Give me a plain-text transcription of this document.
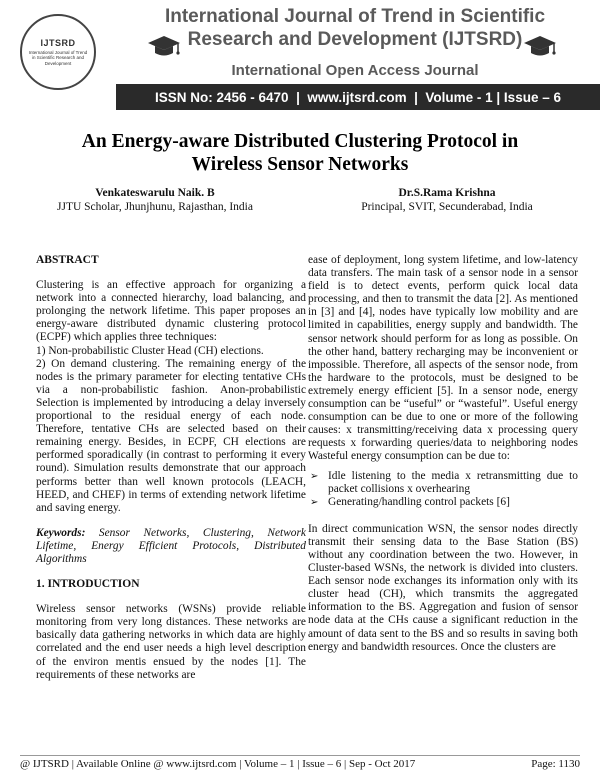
IJTSRD
International Journal of Trend in Scientific Research and Development
International Journal of Trend in Scientific
Research and Development (IJTSRD)
International Open Access Journal
ISSN No: 2456 - 6470  |  www.ijtsrd.com  |  Volume - 1 | Issue – 6
An Energy-aware Distributed Clustering Protocol in
Wireless Sensor Networks
Venkateswarulu Naik. B
JJTU Scholar, Jhunjhunu, Rajasthan, India
Dr.S.Rama Krishna
Principal, SVIT, Secunderabad, India

ABSTRACT

Clustering is an effective approach for organizing a network into a connected hierarchy, load balancing, and prolonging the network lifetime. This paper proposes an energy-aware distributed dynamic clustering protocol (ECPF) which applies three techniques:

1) Non-probabilistic Cluster Head (CH) elections.

2) On demand clustering. The remaining energy of the nodes is the primary parameter for electing tentative CHs via a non-probabilistic fashion. Anon-probabilistic Selection is implemented by introducing a delay inversely proportional to the residual energy of each node. Therefore, tentative CHs are selected based on their remaining energy. Besides, in ECPF, CH elections are performed sporadically (in contrast to performing it every round). Simulation results demonstrate that our approach performs better than well known protocols (LEACH, HEED, and CHEF) in terms of extending network lifetime and saving energy.

Keywords: Sensor Networks, Clustering, Network Lifetime, Energy Efficient Protocols, Distributed Algorithms

1. INTRODUCTION

Wireless sensor networks (WSNs) provide reliable monitoring from very long distances. These networks are basically data gathering networks in which data are highly correlated and the end user needs a high level description of the environ mentis ensued by the nodes [1]. The requirements of these networks are

ease of deployment, long system lifetime, and low-latency data transfers. The main task of a sensor node in a sensor field is to detect events, perform quick local data processing, and then to transmit the data [2]. As mentioned in [3] and [4], nodes have typically low mobility and are limited in capabilities, energy supply and bandwidth. The sensor network should perform for as long as possible. On the other hand, battery recharging may be inconvenient or impossible. Therefore, all aspects of the sensor node, from the hardware to the protocols, must be designed to be extremely energy efficient [5]. In a sensor node, energy consumption can be “useful” or “wasteful”. Useful energy consumption can be due to one or more of the following causes: x transmitting/receiving data x processing query requests x forwarding queries/data to neighboring nodes Wasteful energy consumption can be due to:

➢ Idle listening to the media x retransmitting due to packet collisions x overhearing
➢ Generating/handling control packets [6]

In direct communication WSN, the sensor nodes directly transmit their sensing data to the Base Station (BS) without any coordination between the two. However, in Cluster-based WSNs, the network is divided into clusters. Each sensor node exchanges its information only with its cluster head (CH), which transmits the aggregated information to the BS. Aggregation and fusion of sensor node data at the CHs cause a significant reduction in the amount of data sent to the BS and so results in saving both energy and bandwidth resources. Once the clusters are

@ IJTSRD | Available Online @ www.ijtsrd.com | Volume – 1 | Issue – 6 | Sep - Oct 2017	Page: 1130
